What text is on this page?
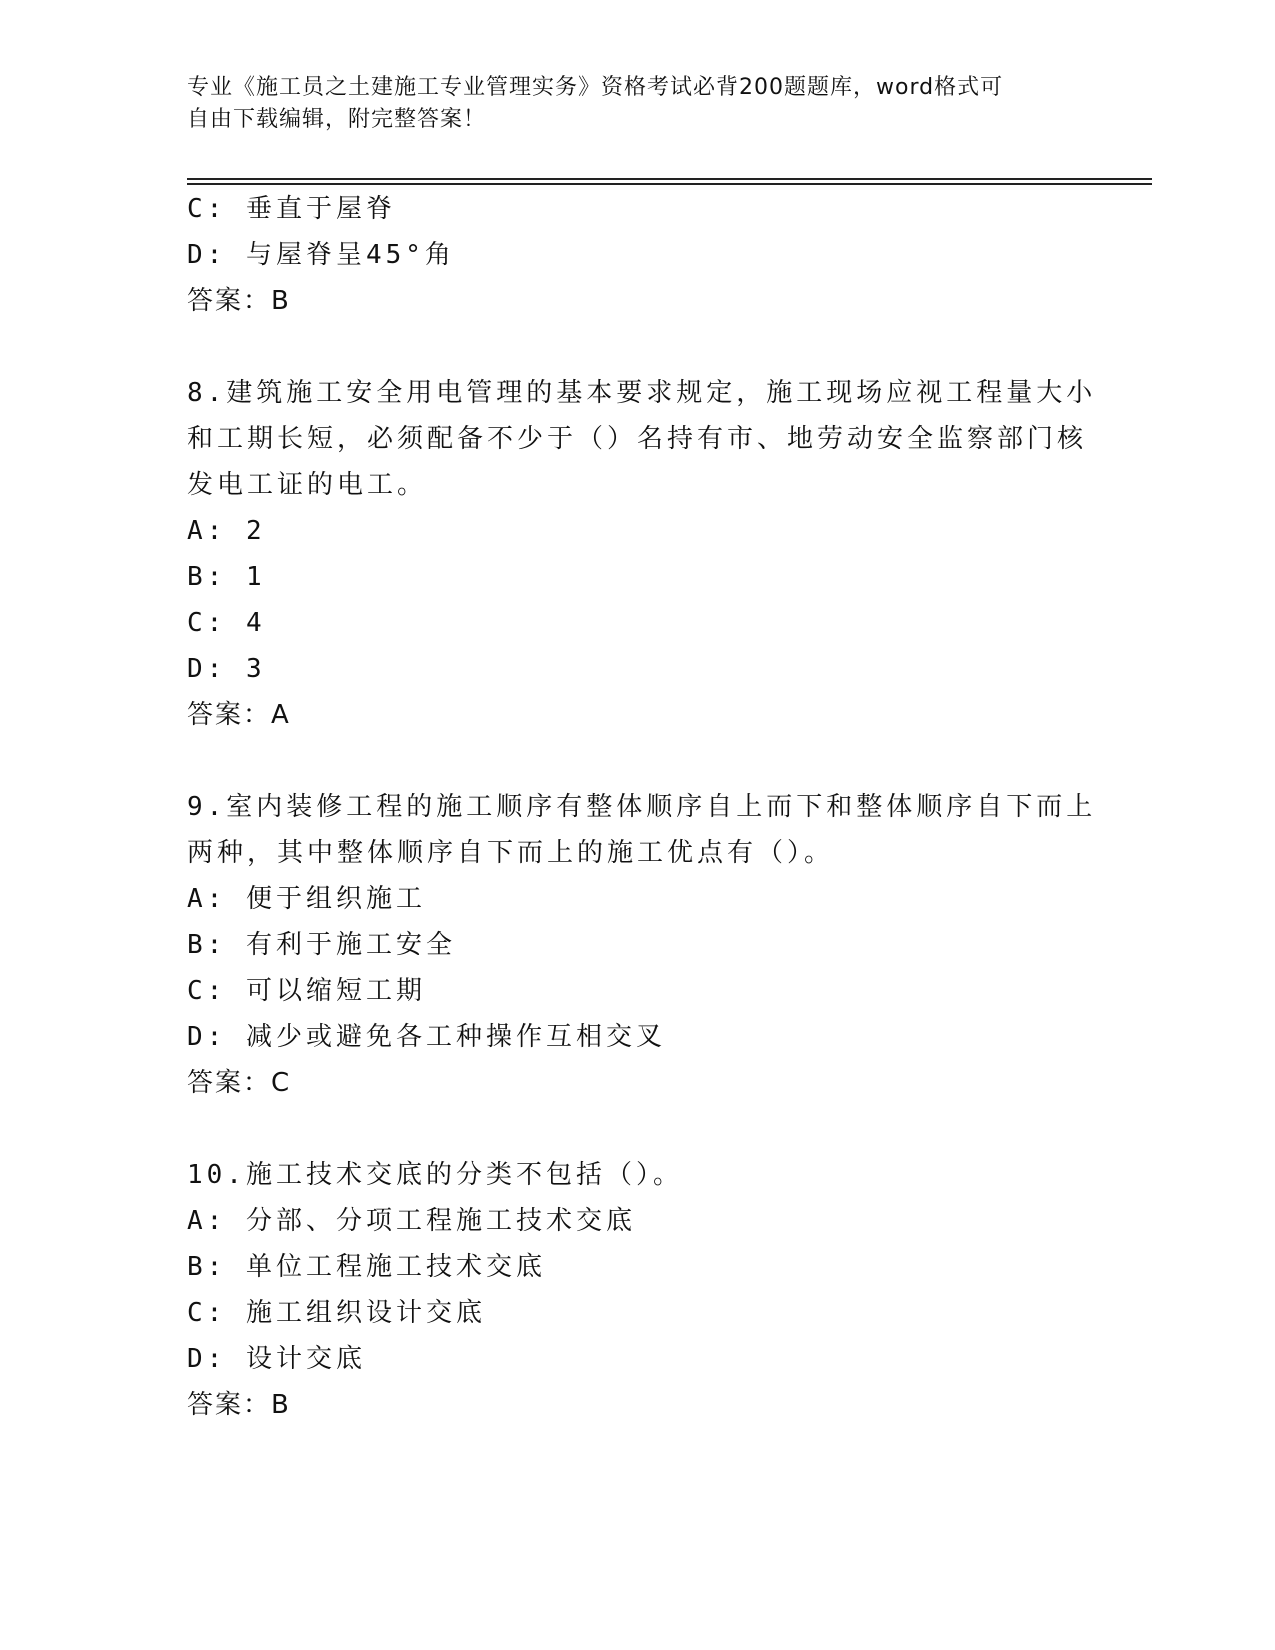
专业《施工员之土建施工专业管理实务》资格考试必背200题题库，word格式可
自由下载编辑，附完整答案！
C: 垂直于屋脊
D: 与屋脊呈45°角
答案：B
8.建筑施工安全用电管理的基本要求规定，施工现场应视工程量大小
和工期长短，必须配备不少于（）名持有市、地劳动安全监察部门核
发电工证的电工。
A: 2
B: 1
C: 4
D: 3
答案：A
9.室内装修工程的施工顺序有整体顺序自上而下和整体顺序自下而上
两种，其中整体顺序自下而上的施工优点有（）。
A: 便于组织施工
B: 有利于施工安全
C: 可以缩短工期
D: 减少或避免各工种操作互相交叉
答案：C
10.施工技术交底的分类不包括（）。
A: 分部、分项工程施工技术交底
B: 单位工程施工技术交底
C: 施工组织设计交底
D: 设计交底
答案：B
